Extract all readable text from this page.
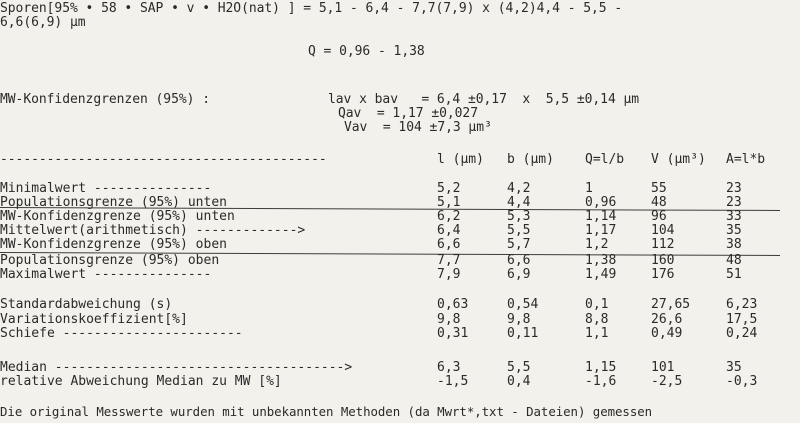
Sporen[95% • 58 • SAP • v • H2O(nat) ] = 5,1 - 6,4 - 7,7(7,9) x (4,2)4,4 - 5,5 -
6,6(6,9) µm
Q = 0,96 - 1,38
MW-Konfidenzgrenzen (95%) :	lav x bav   = 6,4 ±0,17  x  5,5 ±0,14 µm
Qav  = 1,17 ±0,027
Vav  = 104 ±7,3 µm³
------------------------------------------	l (µm) b (µm) Q=l/b V (µm³) A=l*b
Minimalwert ---------------	5,2	4,2	1	55	23
Populationsgrenze (95%) unten	5,1	4,4	0,96	48	23
MW-Konfidenzgrenze (95%) unten	6,2	5,3	1,14	96	33
Mittelwert(arithmetisch) ------------->	6,4	5,5	1,17	104	35
MW-Konfidenzgrenze (95%) oben	6,6	5,7	1,2	112	38
Populationsgrenze (95%) oben	7,7	6,6	1,38	160	48
Maximalwert ---------------	7,9	6,9	1,49	176	51
Standardabweichung (s)	0,63	0,54	0,1	27,65	6,23
Variationskoeffizient[%]	9,8	9,8	8,8	26,6	17,5
Schiefe -----------------------	0,31	0,11	1,1	0,49	0,24
Median ------------------------------------->	6,3	5,5	1,15	101	35
relative Abweichung Median zu MW [%]	-1,5	0,4	-1,6	-2,5	-0,3
Die original Messwerte wurden mit unbekannten Methoden (da Mwrt*,txt - Dateien) gemessen
